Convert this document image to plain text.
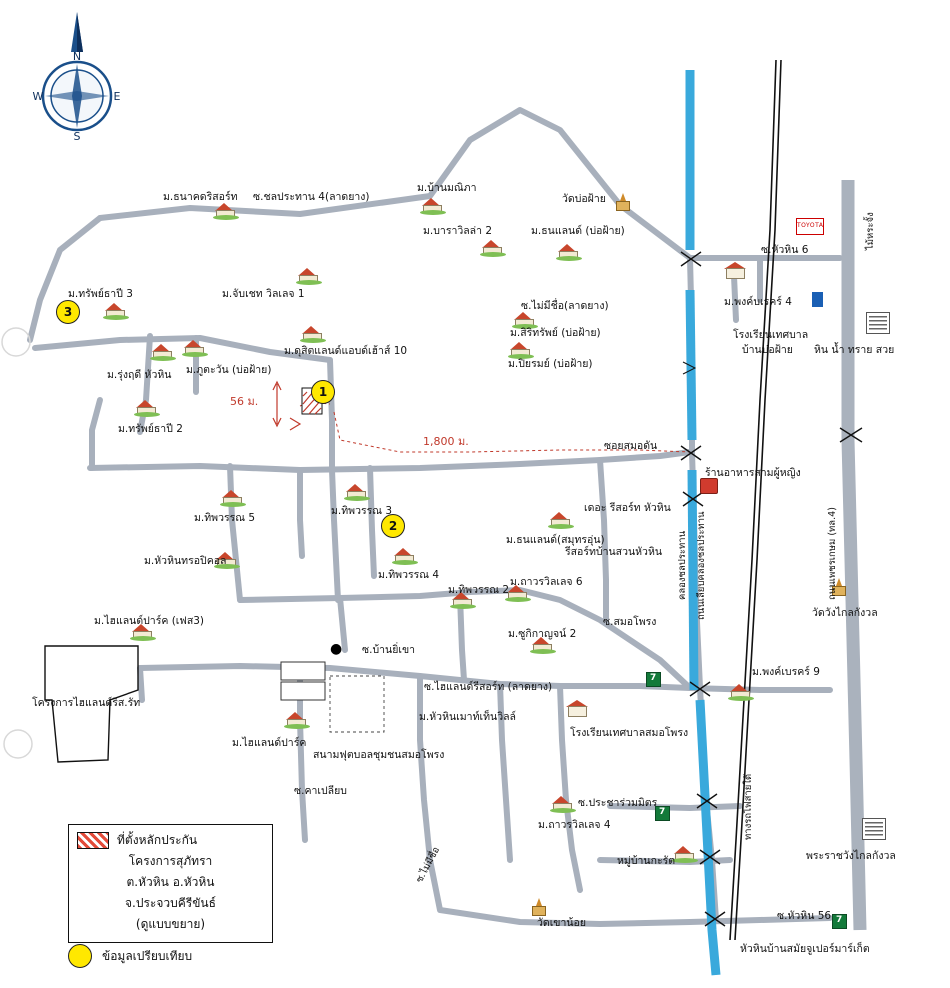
N
S
E
W
TOYOTA
7
7
7
●
3
1
2
56 ม.
1,800 ม.
ม.ธนาคดริสอร์ท ซ.ชลประทาน 4(ลาดยาง)
ม.บ้านมณิภา
วัดบ่อฝ้าย
ม.บาราวิลล่า 2	ม.ธนแลนด์ (บ่อฝ้าย)
ซ.หัวหิน 6
ม.ทรัพย์ธาปี 3	ม.จับเชท วิลเลจ 1
ซ.ไม่มีชื่อ(ลาดยาง)	ม.พงค์บเรคร์ 4
ม.สิริทรัพย์ (บ่อฝ้าย)
ม.ดุสิตแลนด์แอบด์เฮ้าส์ 10
โรงเรียนเทศบาล
บ้านบ่อฝ้าย หิน น้ำ ทราย สวย
ม.ปิยรมย์ (บ่อฝ้าย)
ม.รุ่งฤดี หัวหิน ม.ภูตะวัน (บ่อฝ้าย)
ม.ทรัพย์ธาปี 2
ซอยสมอดัน
ร้านอาหารสามผู้หญิง
ม.ทิพวรรณ 5
ม.ทิพวรรณ 3	เดอะ รีสอร์ท หัวหิน
ม.ธนแลนด์(สมุทรอุ่น)
รีสอร์ทบ้านสวนหัวหิน
ม.หัวหินทรอปิคอล
ม.ทิพวรรณ 4
ม.ทิพวรรณ 2
ม.ถาวรวิลเลจ 6
วัดวังไกลกังวล
ม.ไฮแลนด์ปาร์ค (เฟส3)
ม.ซูกิกาญจน์ 2
ซ.สมอโพรง
ซ.บ้านยิ่เขา
ม.พงค์เบรคร์ 9
ซ.ไฮแลนด์รีสอร์ท (ลาดยาง)
โครงการไฮแลนด์ริส.รัท
ม.หัวหินเมาท์เท็นวิลล์
โรงเรียนเทศบาลสมอโพรง
ม.ไฮแลนด์ปาร์ค
สนามฟุตบอลชุมชนสมอโพรง
ซ.คาเปลียบ
ซ.ประชาร่วมมิตร
ม.ถาวรวิลเลจ 4
พระราชวังไกลกังวล
หมู่บ้านกะรัต
ซ.หัวหิน 56
วัดเขาน้อย
หัวหินบ้านสมัยจูเปอร์มาร์เก็ต
ไม้หระจั้ง
ถนนเพชรเกษม (ทล.4)
คลองชลประทาน ถนนเลียบคลองชลประทาน
ทางรถไฟสายใต้
ซ.ไม่มีชื่อ
ที่ตั้งหลักประกัน
โครงการสุภัทรา
ต.หัวหิน อ.หัวหิน
จ.ประจวบคีรีขันธ์
(ดูแบบขยาย)
ข้อมูลเปรียบเทียบ
